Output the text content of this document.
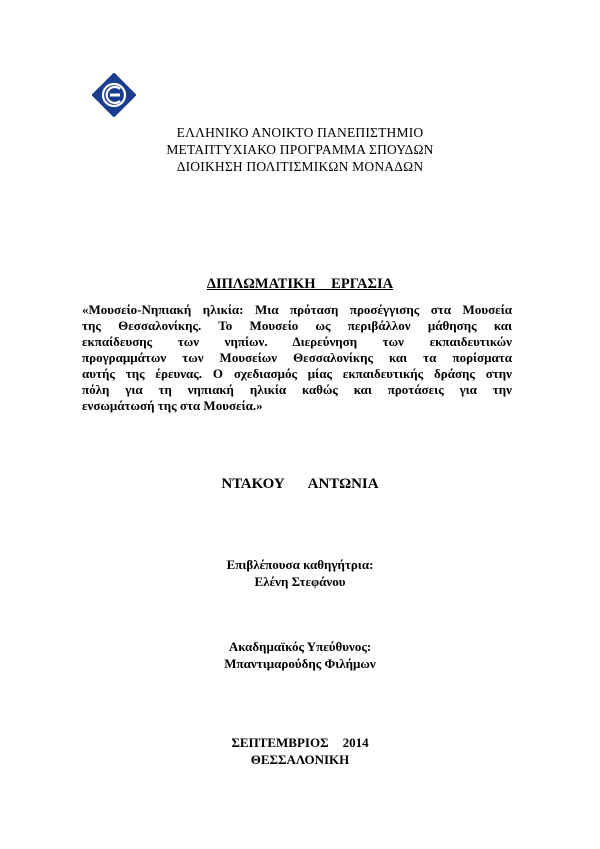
ΕΛΛΗΝΙΚΟ ΑΝΟΙΚΤΟ ΠΑΝΕΠΙΣΤΗΜΙΟ
ΜΕΤΑΠΤΥΧΙΑΚΟ ΠΡΟΓΡΑΜΜΑ ΣΠΟΥΔΩΝ
ΔΙΟΙΚΗΣΗ ΠΟΛΙΤΙΣΜΙΚΩΝ ΜΟΝΑΔΩΝ
ΔΙΠΛΩΜΑΤΙΚΗ ΕΡΓΑΣΙΑ
«Μουσείο-Νηπιακή ηλικία: Μια πρόταση προσέγγισης στα Μουσεία
της Θεσσαλονίκης. Το Μουσείο ως περιβάλλον μάθησης και
εκπαίδευσης των νηπίων. Διερεύνηση των εκπαιδευτικών
προγραμμάτων των Μουσείων Θεσσαλονίκης και τα πορίσματα
αυτής της έρευνας. Ο σχεδιασμός μίας εκπαιδευτικής δράσης στην
πόλη για τη νηπιακή ηλικία καθώς και προτάσεις για την
ενσωμάτωσή της στα Μουσεία.»
ΝΤΑΚΟΥ ΑΝΤΩΝΙΑ
Επιβλέπουσα καθηγήτρια:
Ελένη Στεφάνου
Ακαδημαϊκός Υπεύθυνος:
Μπαντιμαρούδης Φιλήμων
ΣΕΠΤΕΜΒΡΙΟΣ 2014
ΘΕΣΣΑΛΟΝΙΚΗ
